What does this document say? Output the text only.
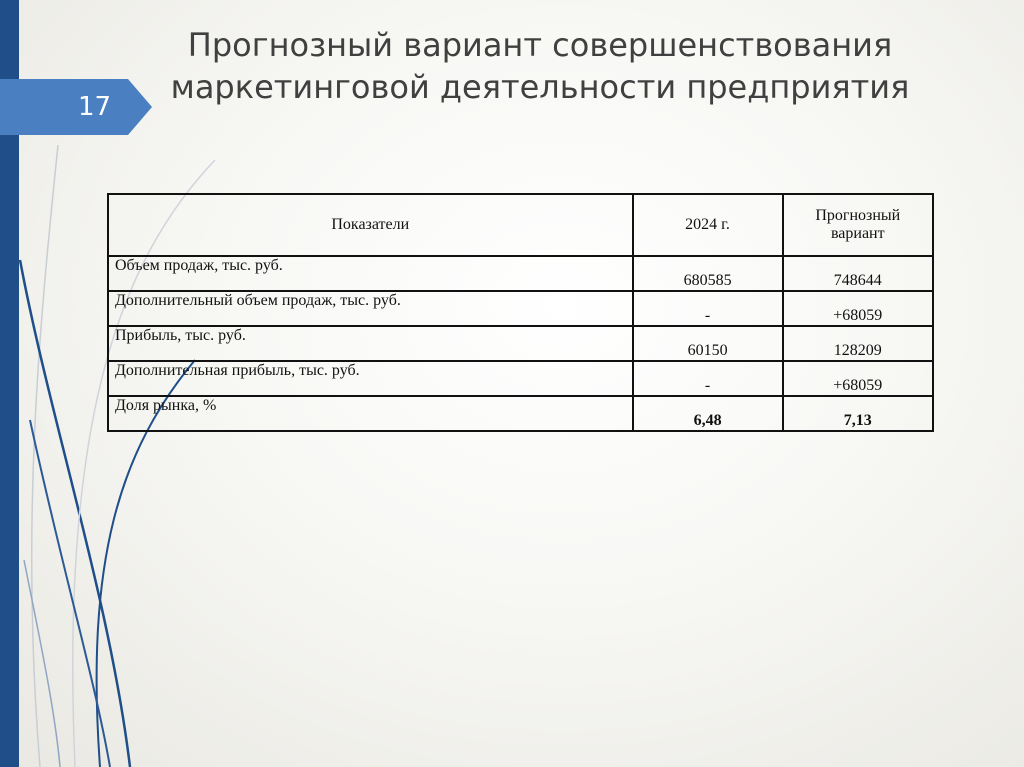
17
Прогнозный вариант совершенствования маркетинговой деятельности предприятия
Показатели	2024 г.	Прогнозный вариант
Объем продаж, тыс. руб.	680585	748644
Дополнительный объем продаж, тыс. руб.	-	+68059
Прибыль, тыс. руб.	60150	128209
Дополнительная прибыль, тыс. руб.	-	+68059
Доля рынка, %	6,48	7,13
